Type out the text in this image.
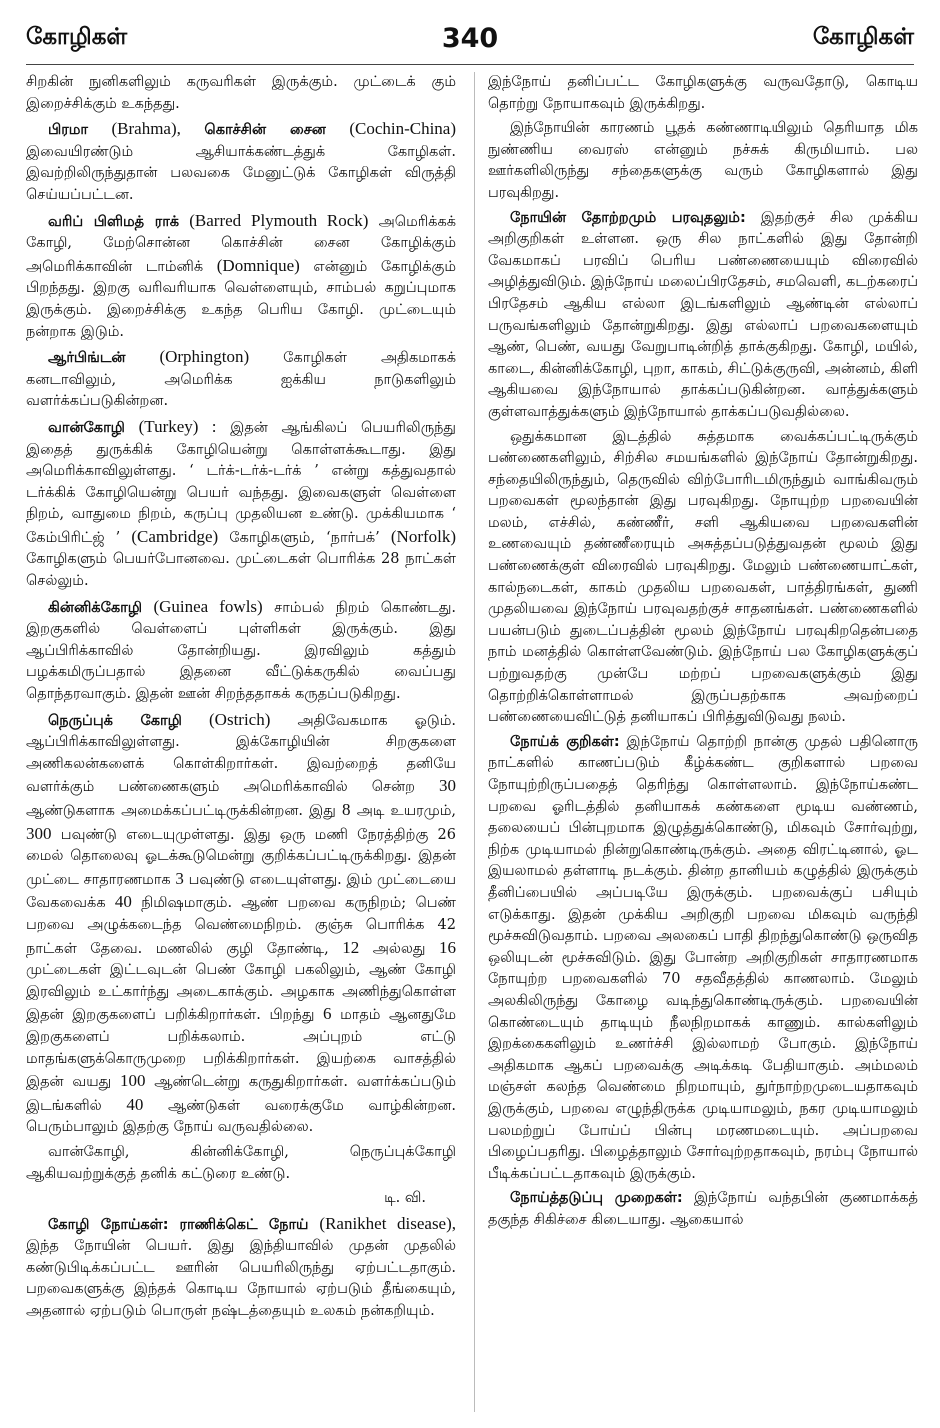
கோழிகள்	340	கோழிகள்

சிறகின் நுனிகளிலும் கருவரிகள் இருக்கும். முட்டைக் கும் இறைச்சிக்கும் உகந்தது.

பிரமா (Brahma), கொச்சின் சைன (Cochin-China) இவையிரண்டும் ஆசியாக்கண்டத்துக் கோழிகள். இவற்றிலிருந்துதான் பலவகை மேனுட்டுக் கோழிகள் விருத்தி செய்யப்பட்டன.

வரிப் பிளிமத் ராக் (Barred Plymouth Rock) அமெரிக்கக் கோழி, மேற்சொன்ன கொச்சின் சைன கோழிக்கும் அமெரிக்காவின் டாம்னிக் (Domnique) என்னும் கோழிக்கும் பிறந்தது. இறகு வரிவரியாக வெள்ளையும், சாம்பல் கறுப்புமாக இருக்கும். இறைச்சிக்கு உகந்த பெரிய கோழி. முட்டையும் நன்றாக இடும்.

ஆர்பிங்டன் (Orphington) கோழிகள் அதிகமாகக் கனடாவிலும், அமெரிக்க ஐக்கிய நாடுகளிலும் வளர்க்கப்படுகின்றன.

வான்கோழி (Turkey) : இதன் ஆங்கிலப் பெயரிலிருந்து இதைத் துருக்கிக் கோழியென்று கொள்ளக்கூடாது. இது அமெரிக்காவிலுள்ளது. ‘ டர்க்-டர்க்-டர்க் ’ என்று கத்துவதால் டர்க்கிக் கோழியென்று பெயர் வந்தது. இவைகளுள் வெள்ளை நிறம், வாதுமை நிறம், கருப்பு முதலியன உண்டு. முக்கியமாக ‘ கேம்பிரிட்ஜ் ’ (Cambridge) கோழிகளும், ‘நார்பக்’ (Norfolk) கோழிகளும் பெயர்போனவை. முட்டைகள் பொரிக்க 28 நாட்கள் செல்லும்.

கின்னிக்கோழி (Guinea fowls) சாம்பல் நிறம் கொண்டது. இறகுகளில் வெள்ளைப் புள்ளிகள் இருக்கும். இது ஆப்பிரிக்காவில் தோன்றியது. இரவிலும் கத்தும் பழக்கமிருப்பதால் இதனை வீட்டுக்கருகில் வைப்பது தொந்தரவாகும். இதன் ஊன் சிறந்ததாகக் கருதப்படுகிறது.

நெருப்புக் கோழி (Ostrich) அதிவேகமாக ஓடும். ஆப்பிரிக்காவிலுள்ளது. இக்கோழியின் சிறகுகளை அணிகலன்களைக் கொள்கிறார்கள். இவற்றைத் தனியே வளர்க்கும் பண்ணைகளும் அமெரிக்காவில் சென்ற 30 ஆண்டுகளாக அமைக்கப்பட்டிருக்கின்றன. இது 8 அடி உயரமும், 300 பவுண்டு எடையுமுள்ளது. இது ஒரு மணி நேரத்திற்கு 26 மைல் தொலைவு ஓடக்கூடுமென்று குறிக்கப்பட்டிருக்கிறது. இதன் முட்டை சாதாரணமாக 3 பவுண்டு எடையுள்ளது. இம் முட்டையை வேகவைக்க 40 நிமிஷமாகும். ஆண் பறவை கருநிறம்; பெண் பறவை அழுக்கடைந்த வெண்மைநிறம். குஞ்சு பொரிக்க 42 நாட்கள் தேவை. மணலில் குழி தோண்டி, 12 அல்லது 16 முட்டைகள் இட்டவுடன் பெண் கோழி பகலிலும், ஆண் கோழி இரவிலும் உட்கார்ந்து அடைகாக்கும். அழகாக அணிந்துகொள்ள இதன் இறகுகளைப் பறிக்கிறார்கள். பிறந்து 6 மாதம் ஆனதுமே இறகுகளைப் பறிக்கலாம். அப்புறம் எட்டு மாதங்களுக்கொருமுறை பறிக்கிறார்கள். இயற்கை வாசத்தில் இதன் வயது 100 ஆண்டென்று கருதுகிறார்கள். வளர்க்கப்படும் இடங்களில் 40 ஆண்டுகள் வரைக்குமே வாழ்கின்றன. பெரும்பாலும் இதற்கு நோய் வருவதில்லை.

வான்கோழி, கின்னிக்கோழி, நெருப்புக்கோழி ஆகியவற்றுக்குத் தனிக் கட்டுரை உண்டு.

டி. வி.

கோழி நோய்கள்: ராணிக்கெட் நோய் (Ranikhet disease), இந்த நோயின் பெயர். இது இந்தியாவில் முதன் முதலில் கண்டுபிடிக்கப்பட்ட ஊரின் பெயரிலிருந்து ஏற்பட்டதாகும். பறவைகளுக்கு இந்தக் கொடிய நோயால் ஏற்படும் தீங்கையும், அதனால் ஏற்படும் பொருள் நஷ்டத்தையும் உலகம் நன்கறியும்.

இந்நோய் தனிப்பட்ட கோழிகளுக்கு வருவதோடு, கொடிய தொற்று நோயாகவும் இருக்கிறது.

இந்நோயின் காரணம் பூதக் கண்ணாடியிலும் தெரியாத மிக நுண்ணிய வைரஸ் என்னும் நச்சுக் கிருமியாம். பல ஊர்களிலிருந்து சந்தைகளுக்கு வரும் கோழிகளால் இது பரவுகிறது.

நோயின் தோற்றமும் பரவுதலும்: இதற்குச் சில முக்கிய அறிகுறிகள் உள்ளன. ஒரு சில நாட்களில் இது தோன்றி வேகமாகப் பரவிப் பெரிய பண்ணையையும் விரைவில் அழித்துவிடும். இந்நோய் மலைப்பிரதேசம், சமவெளி, கடற்கரைப் பிரதேசம் ஆகிய எல்லா இடங்களிலும் ஆண்டின் எல்லாப் பருவங்களிலும் தோன்றுகிறது. இது எல்லாப் பறவைகளையும் ஆண், பெண், வயது வேறுபாடின்றித் தாக்குகிறது. கோழி, மயில், காடை, கின்னிக்கோழி, புறா, காகம், சிட்டுக்குருவி, அன்னம், கிளி ஆகியவை இந்நோயால் தாக்கப்படுகின்றன. வாத்துக்களும் குள்ளவாத்துக்களும் இந்நோயால் தாக்கப்படுவதில்லை.

ஒதுக்கமான இடத்தில் சுத்தமாக வைக்கப்பட்டிருக்கும் பண்ணைகளிலும், சிற்சில சமயங்களில் இந்நோய் தோன்றுகிறது. சந்தையிலிருந்தும், தெருவில் விற்போரிடமிருந்தும் வாங்கிவரும் பறவைகள் மூலந்தான் இது பரவுகிறது. நோயுற்ற பறவையின் மலம், எச்சில், கண்ணீர், சளி ஆகியவை பறவைகளின் உணவையும் தண்ணீரையும் அசுத்தப்படுத்துவதன் மூலம் இது பண்ணைக்குள் விரைவில் பரவுகிறது. மேலும் பண்ணையாட்கள், கால்நடைகள், காகம் முதலிய பறவைகள், பாத்திரங்கள், துணி முதலியவை இந்நோய் பரவுவதற்குச் சாதனங்கள். பண்ணைகளில் பயன்படும் துடைப்பத்தின் மூலம் இந்நோய் பரவுகிறதென்பதை நாம் மனத்தில் கொள்ளவேண்டும். இந்நோய் பல கோழிகளுக்குப் பற்றுவதற்கு முன்பே மற்றப் பறவைகளுக்கும் இது தொற்றிக்கொள்ளாமல் இருப்பதற்காக அவற்றைப் பண்ணையைவிட்டுத் தனியாகப் பிரித்துவிடுவது நலம்.

நோய்க் குறிகள்: இந்நோய் தொற்றி நான்கு முதல் பதினொரு நாட்களில் காணப்படும் கீழ்க்கண்ட குறிகளால் பறவை நோயுற்றிருப்பதைத் தெரிந்து கொள்ளலாம். இந்நோய்கண்ட பறவை ஓரிடத்தில் தனியாகக் கண்களை மூடிய வண்ணம், தலையைப் பின்புறமாக இழுத்துக்கொண்டு, மிகவும் சோர்வுற்று, நிற்க முடியாமல் நின்றுகொண்டிருக்கும். அதை விரட்டினால், ஓட இயலாமல் தள்ளாடி நடக்கும். தின்ற தானியம் கழுத்தில் இருக்கும் தீனிப்பையில் அப்படியே இருக்கும். பறவைக்குப் பசியும் எடுக்காது. இதன் முக்கிய அறிகுறி பறவை மிகவும் வருந்தி மூச்சுவிடுவதாம். பறவை அலகைப் பாதி திறந்துகொண்டு ஒருவித ஒலியுடன் மூச்சுவிடும். இது போன்ற அறிகுறிகள் சாதாரணமாக நோயுற்ற பறவைகளில் 70 சதவீதத்தில் காணலாம். மேலும் அலகிலிருந்து கோழை வடிந்துகொண்டிருக்கும். பறவையின் கொண்டையும் தாடியும் நீலநிறமாகக் காணும். கால்களிலும் இறக்கைகளிலும் உணர்ச்சி இல்லாமற் போகும். இந்நோய் அதிகமாக ஆகப் பறவைக்கு அடிக்கடி பேதியாகும். அம்மலம் மஞ்சள் கலந்த வெண்மை நிறமாயும், துர்நாற்றமுடையதாகவும் இருக்கும், பறவை எழுந்திருக்க முடியாமலும், நகர முடியாமலும் பலமற்றுப் போய்ப் பின்பு மரணமடையும். அப்பறவை பிழைப்பதரிது. பிழைத்தாலும் சோர்வுற்றதாகவும், நரம்பு நோயால் பீடிக்கப்பட்டதாகவும் இருக்கும்.

நோய்த்தடுப்பு முறைகள்: இந்நோய் வந்தபின் குணமாக்கத் தகுந்த சிகிச்சை கிடையாது. ஆகையால்
